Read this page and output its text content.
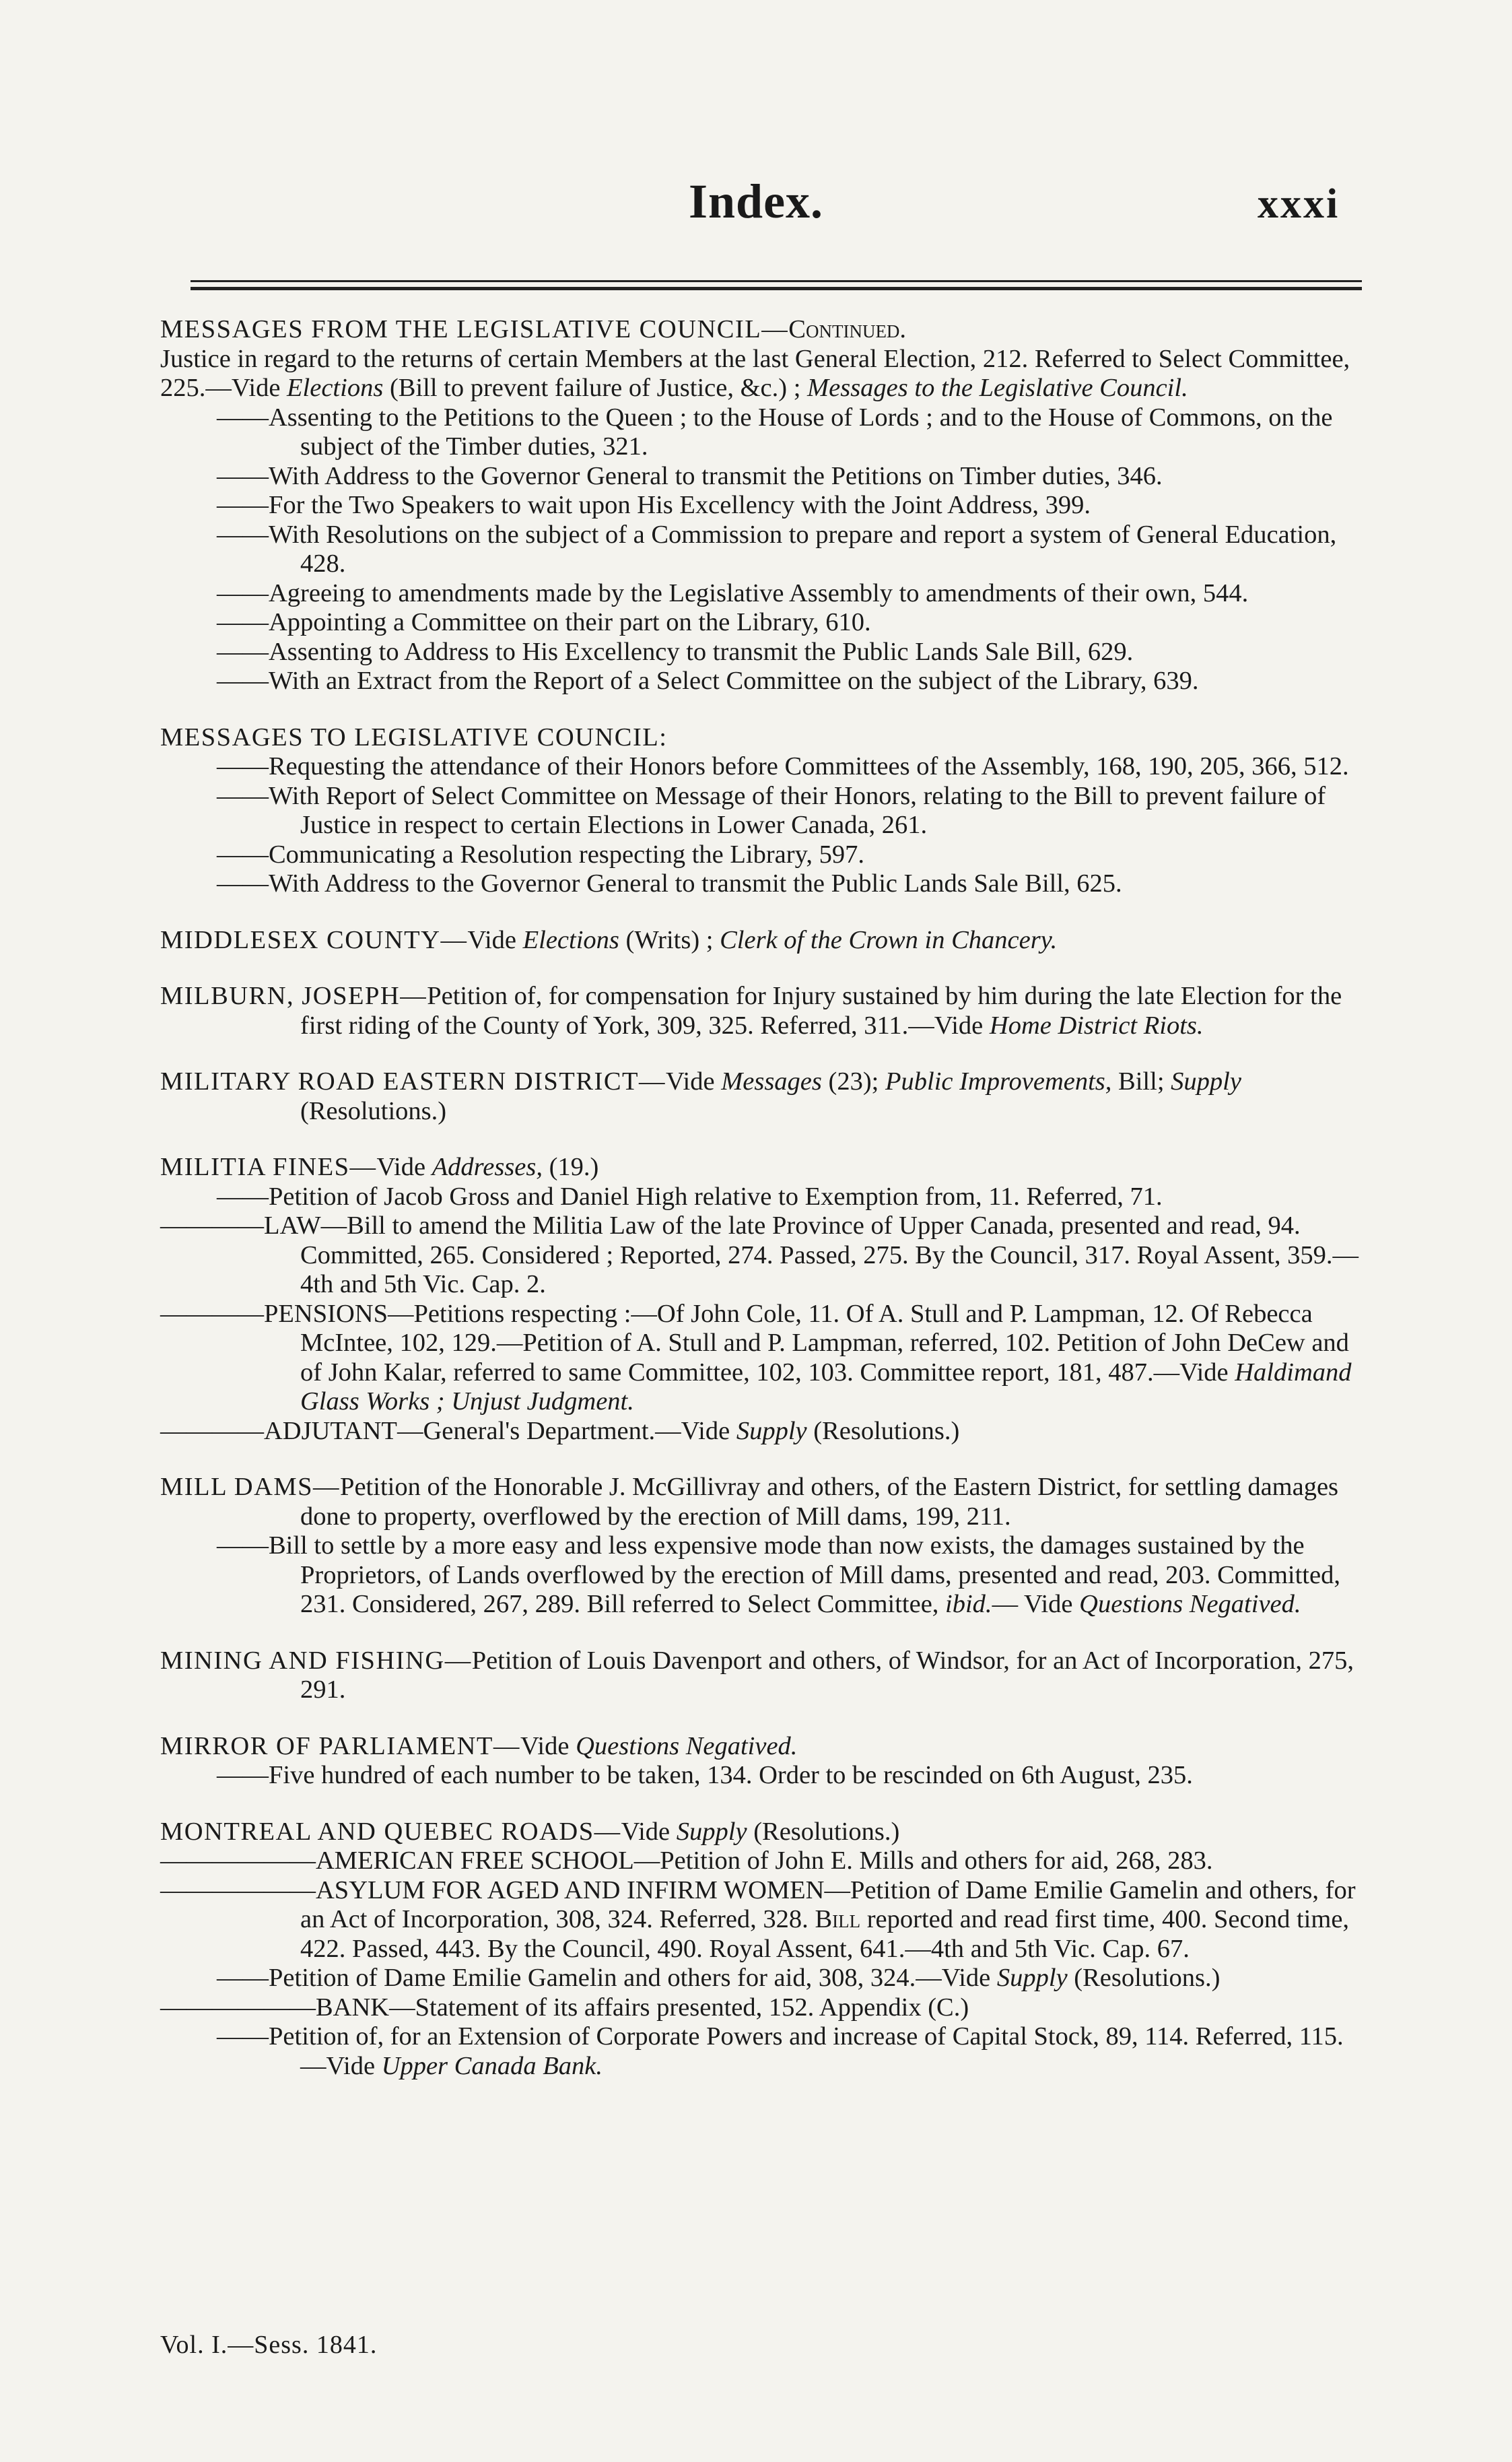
Index.	xxxi
MESSAGES FROM THE LEGISLATIVE COUNCIL—Continued.
Justice in regard to the returns of certain Members at the last General Election, 212. Referred to Select Committee, 225.—Vide Elections (Bill to prevent failure of Justice, &c.) ; Messages to the Legislative Council.
——Assenting to the Petitions to the Queen ; to the House of Lords ; and to the House of Commons, on the subject of the Timber duties, 321.
——With Address to the Governor General to transmit the Petitions on Timber duties, 346.
——For the Two Speakers to wait upon His Excellency with the Joint Address, 399.
——With Resolutions on the subject of a Commission to prepare and report a system of General Education, 428.
——Agreeing to amendments made by the Legislative Assembly to amendments of their own, 544.
——Appointing a Committee on their part on the Library, 610.
——Assenting to Address to His Excellency to transmit the Public Lands Sale Bill, 629.
——With an Extract from the Report of a Select Committee on the subject of the Library, 639.
MESSAGES TO LEGISLATIVE COUNCIL:
——Requesting the attendance of their Honors before Committees of the Assembly, 168, 190, 205, 366, 512.
——With Report of Select Committee on Message of their Honors, relating to the Bill to prevent failure of Justice in respect to certain Elections in Lower Canada, 261.
——Communicating a Resolution respecting the Library, 597.
——With Address to the Governor General to transmit the Public Lands Sale Bill, 625.
MIDDLESEX COUNTY—Vide Elections (Writs) ; Clerk of the Crown in Chancery.
MILBURN, JOSEPH—Petition of, for compensation for Injury sustained by him during the late Election for the first riding of the County of York, 309, 325. Referred, 311.—Vide Home District Riots.
MILITARY ROAD EASTERN DISTRICT—Vide Messages (23); Public Improvements, Bill; Supply (Resolutions.)
MILITIA FINES—Vide Addresses, (19.)
——Petition of Jacob Gross and Daniel High relative to Exemption from, 11. Referred, 71.
————LAW—Bill to amend the Militia Law of the late Province of Upper Canada, presented and read, 94. Committed, 265. Considered ; Reported, 274. Passed, 275. By the Council, 317. Royal Assent, 359.—4th and 5th Vic. Cap. 2.
————PENSIONS—Petitions respecting :—Of John Cole, 11. Of A. Stull and P. Lampman, 12. Of Rebecca McIntee, 102, 129.—Petition of A. Stull and P. Lampman, referred, 102. Petition of John DeCew and of John Kalar, referred to same Committee, 102, 103. Committee report, 181, 487.—Vide Haldimand Glass Works ; Unjust Judgment.
————ADJUTANT—General's Department.—Vide Supply (Resolutions.)
MILL DAMS—Petition of the Honorable J. McGillivray and others, of the Eastern District, for settling damages done to property, overflowed by the erection of Mill dams, 199, 211.
——Bill to settle by a more easy and less expensive mode than now exists, the damages sustained by the Proprietors, of Lands overflowed by the erection of Mill dams, presented and read, 203. Committed, 231. Considered, 267, 289. Bill referred to Select Committee, ibid.— Vide Questions Negatived.
MINING AND FISHING—Petition of Louis Davenport and others, of Windsor, for an Act of Incorporation, 275, 291.
MIRROR OF PARLIAMENT—Vide Questions Negatived.
——Five hundred of each number to be taken, 134. Order to be rescinded on 6th August, 235.
MONTREAL AND QUEBEC ROADS—Vide Supply (Resolutions.)
——————AMERICAN FREE SCHOOL—Petition of John E. Mills and others for aid, 268, 283.
——————ASYLUM FOR AGED AND INFIRM WOMEN—Petition of Dame Emilie Gamelin and others, for an Act of Incorporation, 308, 324. Referred, 328. Bill reported and read first time, 400. Second time, 422. Passed, 443. By the Council, 490. Royal Assent, 641.—4th and 5th Vic. Cap. 67.
——Petition of Dame Emilie Gamelin and others for aid, 308, 324.—Vide Supply (Resolutions.)
——————BANK—Statement of its affairs presented, 152. Appendix (C.)
——Petition of, for an Extension of Corporate Powers and increase of Capital Stock, 89, 114. Referred, 115.—Vide Upper Canada Bank.
Vol. I.—Sess. 1841.
